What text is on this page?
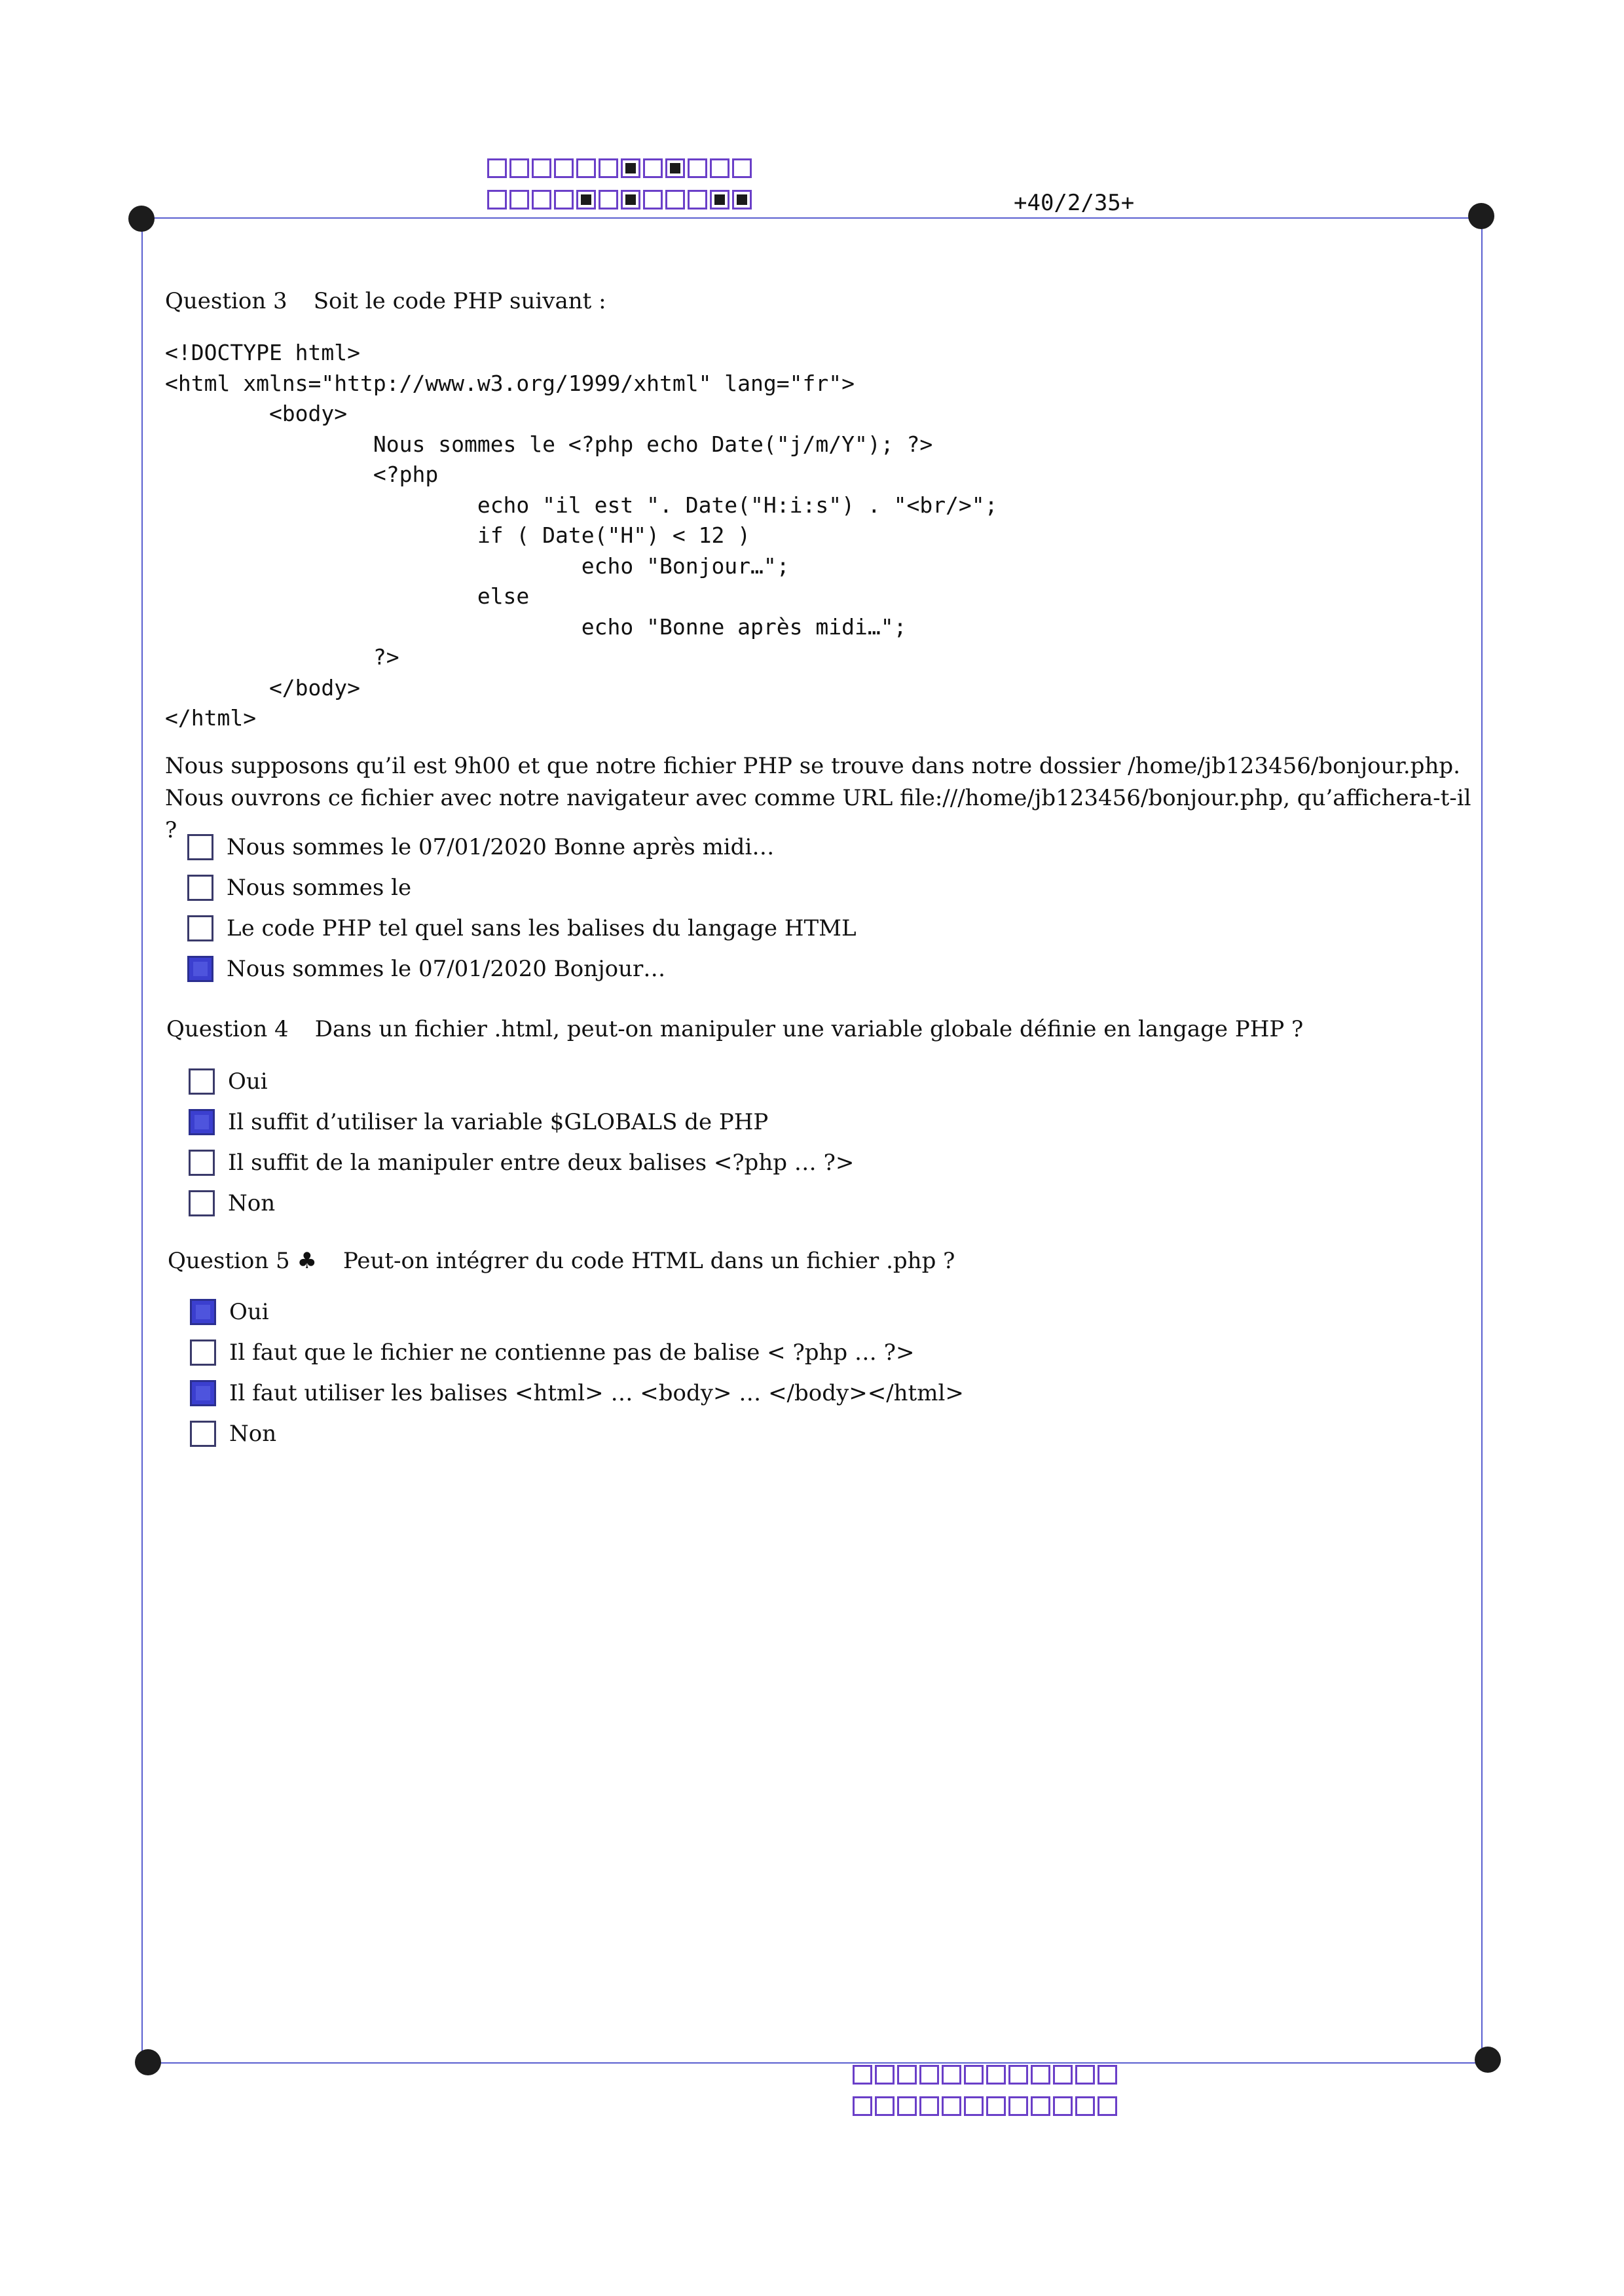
+40/2/35+
Question 3 Soit le code PHP suivant :
<!DOCTYPE html>
<html xmlns="http://www.w3.org/1999/xhtml" lang="fr">
<body>
Nous sommes le <?php echo Date("j/m/Y"); ?>
<?php
echo "il est ". Date("H:i:s") . "<br/>";
if ( Date("H") < 12 )
echo "Bonjour…";
else
echo "Bonne après midi…";
?>
</body>
</html>
Nous supposons qu’il est 9h00 et que notre fichier PHP se trouve dans notre dossier /home/jb123456/bonjour.php. Nous ouvrons ce fichier avec notre navigateur avec comme URL file:///home/jb123456/bonjour.php, qu’affichera-t-il ?
Nous sommes le 07/01/2020 Bonne après midi…
Nous sommes le
Le code PHP tel quel sans les balises du langage HTML
Nous sommes le 07/01/2020 Bonjour…
Question 4 Dans un fichier .html, peut-on manipuler une variable globale définie en langage PHP ?
Oui
Il suffit d’utiliser la variable $GLOBALS de PHP
Il suffit de la manipuler entre deux balises <?php … ?>
Non
Question 5 ♣ Peut-on intégrer du code HTML dans un fichier .php ?
Oui
Il faut que le fichier ne contienne pas de balise < ?php … ?>
Il faut utiliser les balises <html> … <body> … </body></html>
Non
